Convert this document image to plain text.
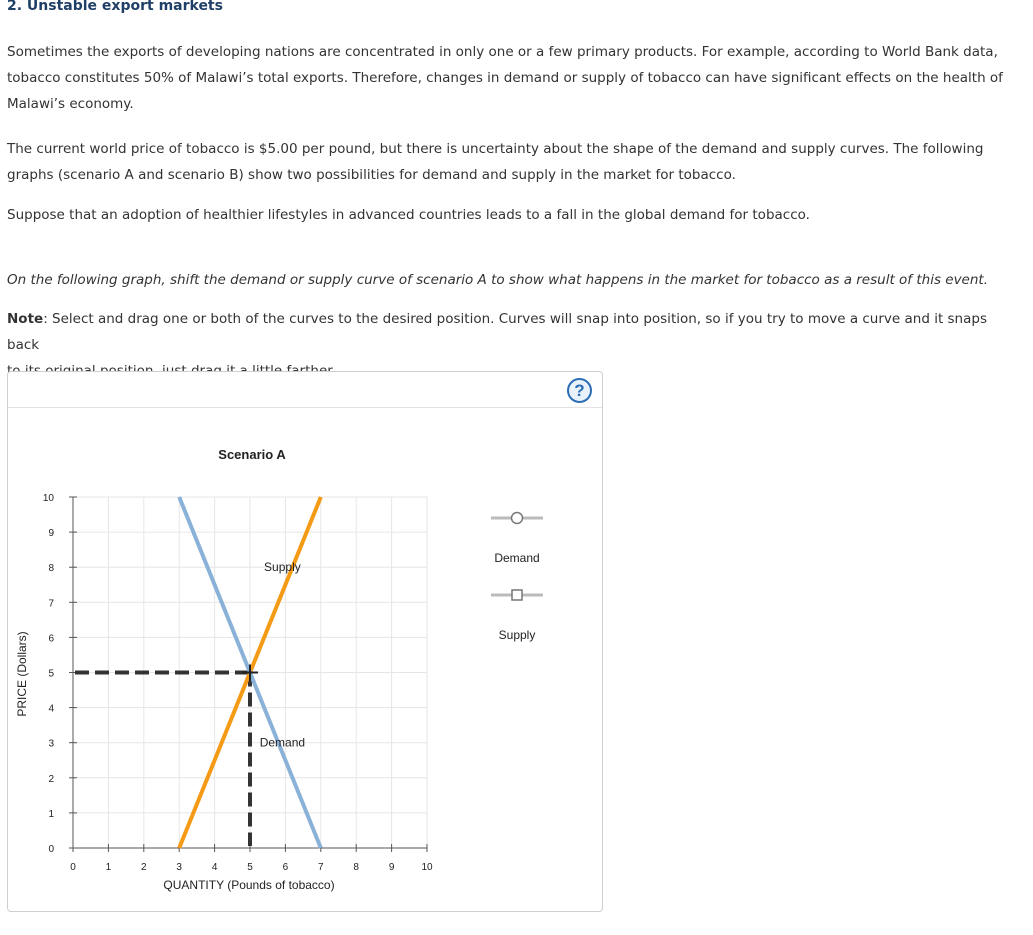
2. Unstable export markets

Sometimes the exports of developing nations are concentrated in only one or a few primary products. For example, according to World Bank data,
tobacco constitutes 50% of Malawi’s total exports. Therefore, changes in demand or supply of tobacco can have significant effects on the health of
Malawi’s economy.

The current world price of tobacco is $5.00 per pound, but there is uncertainty about the shape of the demand and supply curves. The following
graphs (scenario A and scenario B) show two possibilities for demand and supply in the market for tobacco.

Suppose that an adoption of healthier lifestyles in advanced countries leads to a fall in the global demand for tobacco.

On the following graph, shift the demand or supply curve of scenario A to show what happens in the market for tobacco as a result of this event.

Note: Select and drag one or both of the curves to the desired position. Curves will snap into position, so if you try to move a curve and it snaps back

?
Scenario A
0	1	2	3	4	5	6	7	8	9	10
0
1
2
3
4
5
6
7
8
9
10
Supply
Demand
QUANTITY (Pounds of tobacco)
PRICE (Dollars)
Demand
Supply
